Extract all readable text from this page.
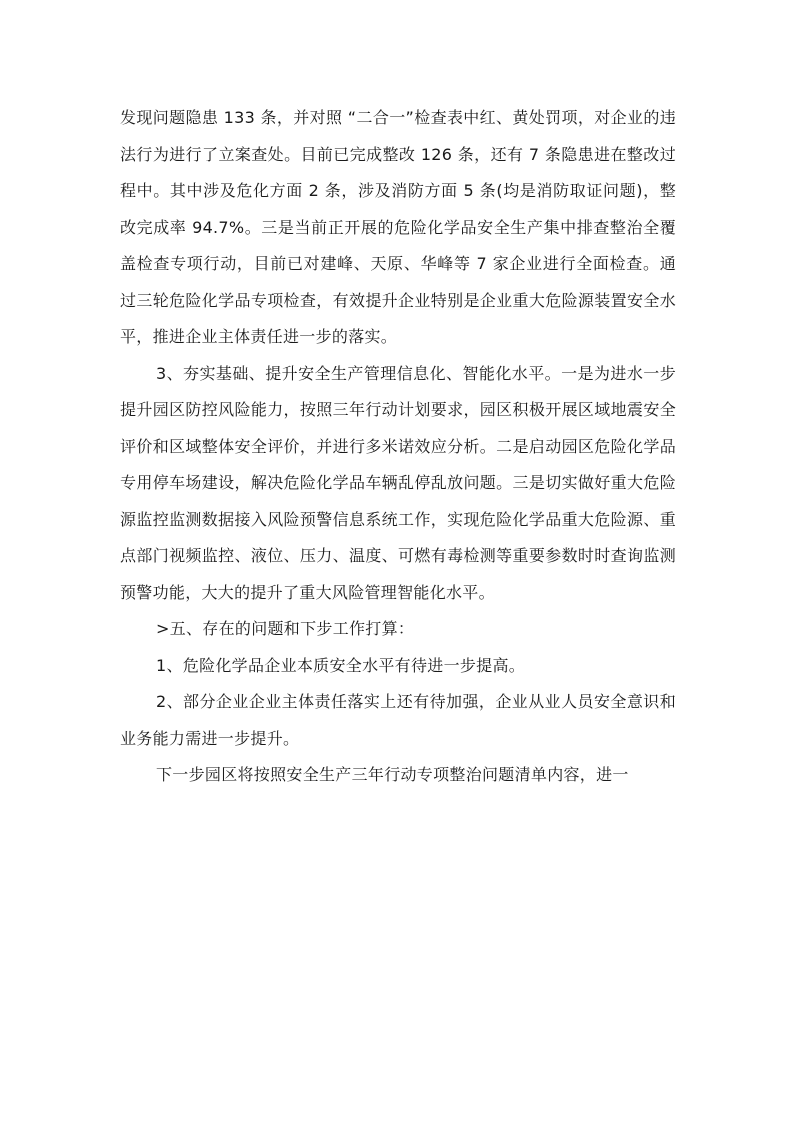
发现问题隐患 133 条，并对照 “二合一”检查表中红、黄处罚项，对企业的违法行为进行了立案查处。目前已完成整改 126 条，还有 7 条隐患进在整改过程中。其中涉及危化方面 2 条，涉及消防方面 5 条(均是消防取证问题)，整改完成率 94.7%。三是当前正开展的危险化学品安全生产集中排查整治全覆盖检查专项行动，目前已对建峰、天原、华峰等 7 家企业进行全面检查。通过三轮危险化学品专项检查，有效提升企业特别是企业重大危险源装置安全水平，推进企业主体责任进一步的落实。

3、夯实基础、提升安全生产管理信息化、智能化水平。一是为进水一步提升园区防控风险能力，按照三年行动计划要求，园区积极开展区域地震安全评价和区域整体安全评价，并进行多米诺效应分析。二是启动园区危险化学品专用停车场建设，解决危险化学品车辆乱停乱放问题。三是切实做好重大危险源监控监测数据接入风险预警信息系统工作，实现危险化学品重大危险源、重点部门视频监控、液位、压力、温度、可燃有毒检测等重要参数时时查询监测预警功能，大大的提升了重大风险管理智能化水平。

>五、存在的问题和下步工作打算：

1、危险化学品企业本质安全水平有待进一步提高。

2、部分企业企业主体责任落实上还有待加强，企业从业人员安全意识和业务能力需进一步提升。

下一步园区将按照安全生产三年行动专项整治问题清单内容，进一
